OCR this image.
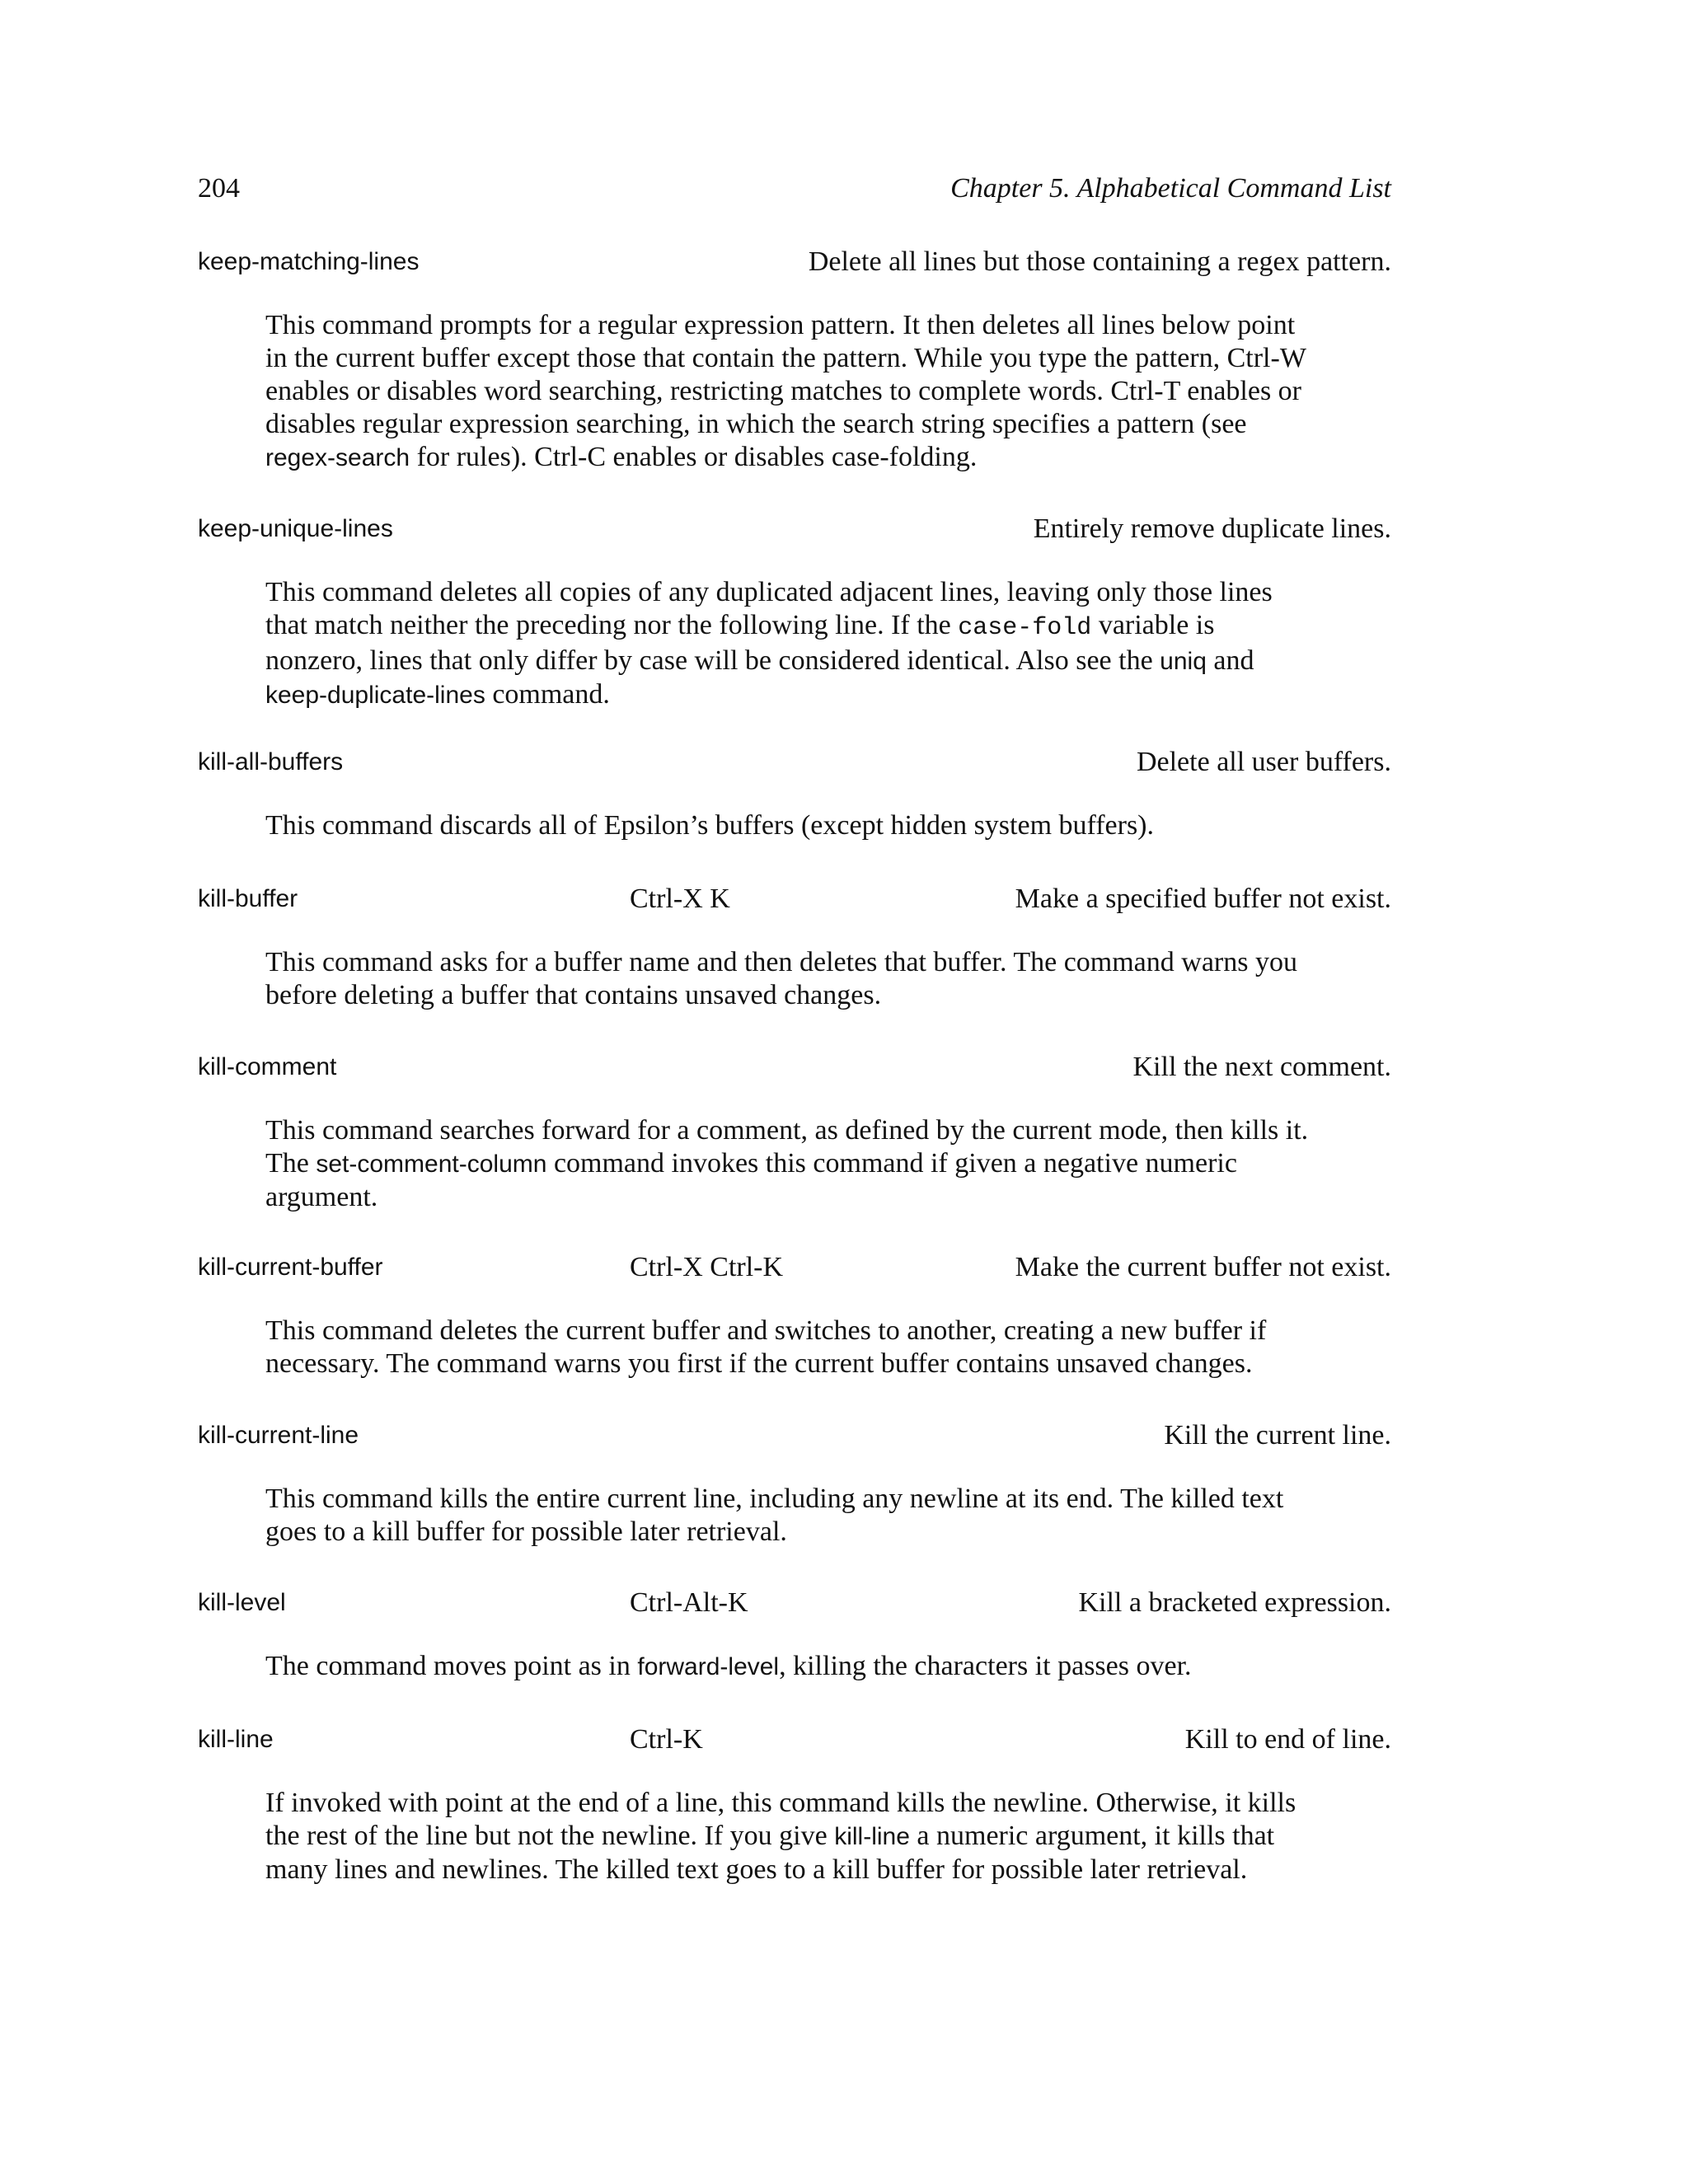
204	Chapter 5. Alphabetical Command List
keep-matching-lines	Delete all lines but those containing a regex pattern.
This command prompts for a regular expression pattern. It then deletes all lines below point in the current buffer except those that contain the pattern. While you type the pattern, Ctrl-W enables or disables word searching, restricting matches to complete words. Ctrl-T enables or disables regular expression searching, in which the search string specifies a pattern (see regex-search for rules). Ctrl-C enables or disables case-folding.
keep-unique-lines	Entirely remove duplicate lines.
This command deletes all copies of any duplicated adjacent lines, leaving only those lines that match neither the preceding nor the following line. If the case-fold variable is nonzero, lines that only differ by case will be considered identical. Also see the uniq and keep-duplicate-lines command.
kill-all-buffers	Delete all user buffers.
This command discards all of Epsilon’s buffers (except hidden system buffers).
kill-buffer	Ctrl-X K	Make a specified buffer not exist.
This command asks for a buffer name and then deletes that buffer. The command warns you before deleting a buffer that contains unsaved changes.
kill-comment	Kill the next comment.
This command searches forward for a comment, as defined by the current mode, then kills it. The set-comment-column command invokes this command if given a negative numeric argument.
kill-current-buffer	Ctrl-X Ctrl-K	Make the current buffer not exist.
This command deletes the current buffer and switches to another, creating a new buffer if necessary. The command warns you first if the current buffer contains unsaved changes.
kill-current-line	Kill the current line.
This command kills the entire current line, including any newline at its end. The killed text goes to a kill buffer for possible later retrieval.
kill-level	Ctrl-Alt-K	Kill a bracketed expression.
The command moves point as in forward-level, killing the characters it passes over.
kill-line	Ctrl-K	Kill to end of line.
If invoked with point at the end of a line, this command kills the newline. Otherwise, it kills the rest of the line but not the newline. If you give kill-line a numeric argument, it kills that many lines and newlines. The killed text goes to a kill buffer for possible later retrieval.
